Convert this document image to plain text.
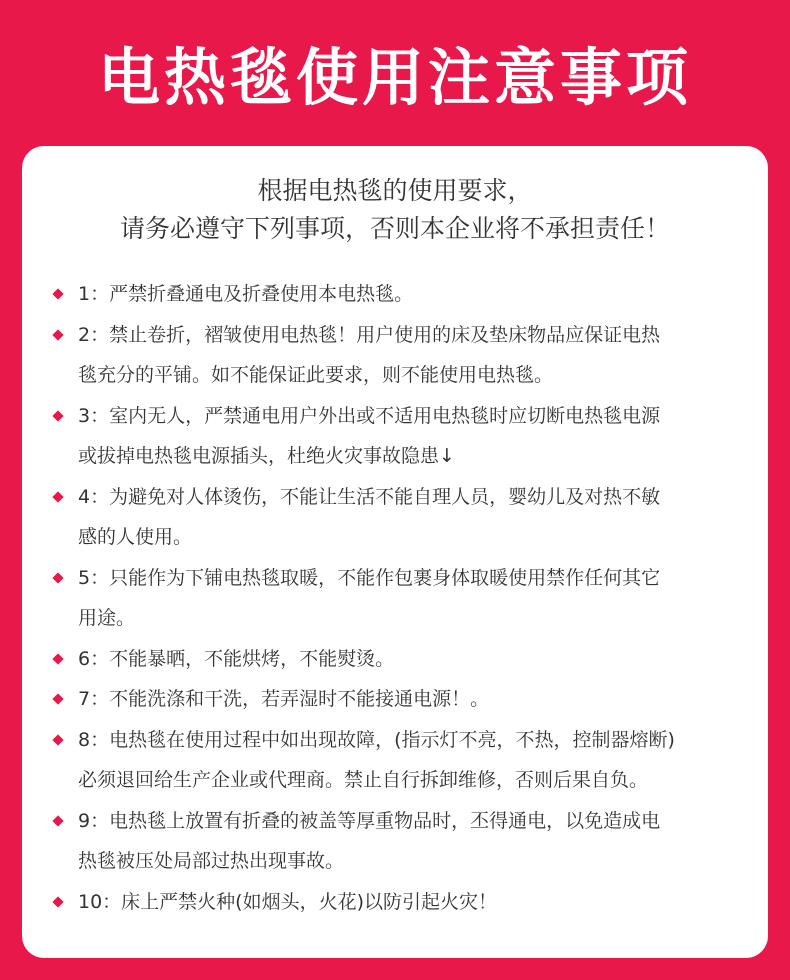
电热毯使用注意事项
根据电热毯的使用要求，
请务必遵守下列事项，否则本企业将不承担责任！
1：严禁折叠通电及折叠使用本电热毯。
2：禁止卷折，褶皱使用电热毯！用户使用的床及垫床物品应保证电热
毯充分的平铺。如不能保证此要求，则不能使用电热毯。
3：室内无人，严禁通电用户外出或不适用电热毯时应切断电热毯电源
或拔掉电热毯电源插头，杜绝火灾事故隐患↓
4：为避免对人体烫伤，不能让生活不能自理人员，婴幼儿及对热不敏
感的人使用。
5：只能作为下铺电热毯取暖，不能作包裹身体取暖使用禁作任何其它
用途。
6：不能暴晒，不能烘烤，不能熨烫。
7：不能洗涤和干洗，若弄湿时不能接通电源！。
8：电热毯在使用过程中如出现故障，(指示灯不亮，不热，控制器熔断)
必须退回给生产企业或代理商。禁止自行拆卸维修，否则后果自负。
9：电热毯上放置有折叠的被盖等厚重物品时，丕得通电，以免造成电
热毯被压处局部过热出现事故。
10：床上严禁火种(如烟头，火花)以防引起火灾！
